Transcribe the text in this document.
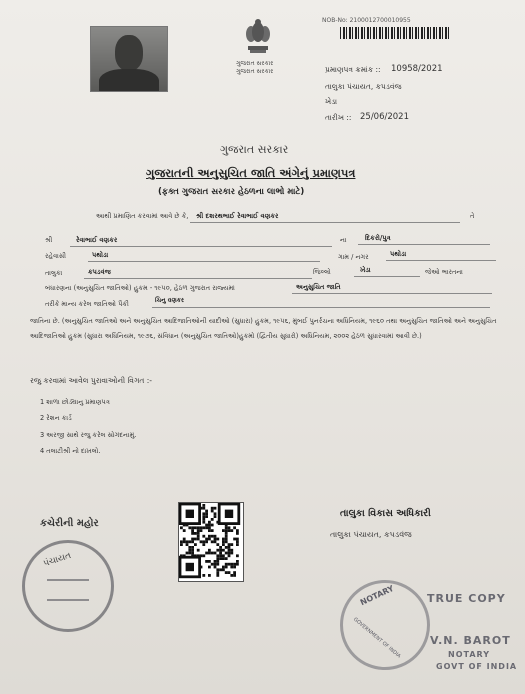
ગુજરાત સરકાર
ગુજરાત સરકાર
NOB-No: 2100012700010955
પ્રમાણપત્ર ક્રમાંક :: 10958/2021
તાલુકા પંચાયત, કપડવંજ
ખેડા
તારીખ :: 25/06/2021
ગુજરાત સરકાર
ગુજરાતની અનુસુચિત જાતિ અંગેનું પ્રમાણપત્ર
(ફક્ત ગુજરાત સરકાર હેઠળના લાભો માટે)
આથી પ્રમાણિત કરવામાં આવે છે કે, શ્રી દશરથભાઈ રેવાભાઈ વણકર	તે
શ્રી	રેવાભાઈ વણકર	ના	દિકરો/પુત્ર
રહેવાસી	પથોડા	ગામ / નગર	પથોડા
તાલુકા	કપડવંજ	જિલ્લો	ખેડા	જેઓ ભારતના
બંધારણના (અનુસુચિત જાતિઓ) હુકમ - ૧૯૫૦, હેઠળ ગુજરાત રાજ્યમાં	અનુસુચિત જાતિ
તરીકે માન્ય કરેલ જાતિઓ પૈકી	ચિનુ વણકર
જાતિના છે. (અનુસુચિત જાતિઓ અને અનુસુચિત આદિજાતિઓની યાદીઓ (સુધારા) હુકમ, ૧૯૫૬, મુંબઈ પુનર્રચના અધિનિયમ, ૧૯૬૦ તથા અનુસુચિત જાતિઓ અને અનુસુચિત આદિજાતિઓ હુકમ (સુધારા અધિનિયમ, ૧૯૭૬, સંવિધાન (અનુસુચિત જાતિઓ)હુકમો (દ્વિતીય સુધારો) અધિનિયમ, ૨૦૦૨ હેઠળ સુધારવામાં આવી છે.)
રજુ કરવામાં આવેલ પુરાવાઓની વિગત :-
1 શાળા છોડ્યાનુ પ્રમાણપત્ર
2 રેશન કાર્ડ
3 અરજી સાથે રજુ કરેલ સોગંદનામું.
4 તલાટીશ્રી નો દાખલો.
કચેરીની મહોર
પંચાયત
તાલુકા વિકાસ અધિકારી
તાલુકા પંચાયત, કપડવંજ
NOTARY
GOVERNMENT OF INDIA
TRUE COPY
V.N. BAROT
NOTARY
GOVT OF INDIA
